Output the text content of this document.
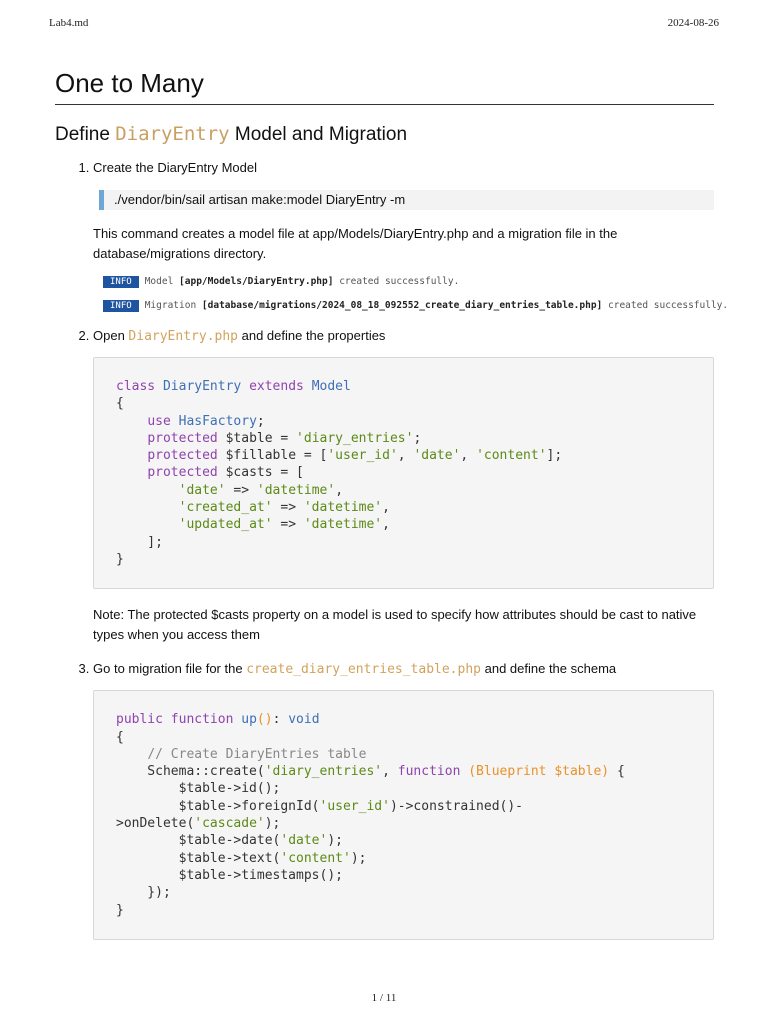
Lab4.md	2024-08-26
One to Many
Define DiaryEntry Model and Migration
1. Create the DiaryEntry Model
./vendor/bin/sail artisan make:model DiaryEntry -m

This command creates a model file at app/Models/DiaryEntry.php and a migration file in the database/migrations directory.

INFO Model [app/Models/DiaryEntry.php] created successfully.
INFO Migration [database/migrations/2024_08_18_092552_create_diary_entries_table.php] created successfully.
2. Open DiaryEntry.php and define the properties
class DiaryEntry extends Model
{
use HasFactory;
protected $table = 'diary_entries';
protected $fillable = ['user_id', 'date', 'content'];
protected $casts = [
'date' => 'datetime',
'created_at' => 'datetime',
'updated_at' => 'datetime',
];
}

Note: The protected $casts property on a model is used to specify how attributes should be cast to native types when you access them

3. Go to migration file for the create_diary_entries_table.php and define the schema
public function up(): void
{
// Create DiaryEntries table
Schema::create('diary_entries', function (Blueprint $table) {
$table->id();
$table->foreignId('user_id')->constrained()-
>onDelete('cascade');
$table->date('date');
$table->text('content');
$table->timestamps();
});
}
1 / 11
